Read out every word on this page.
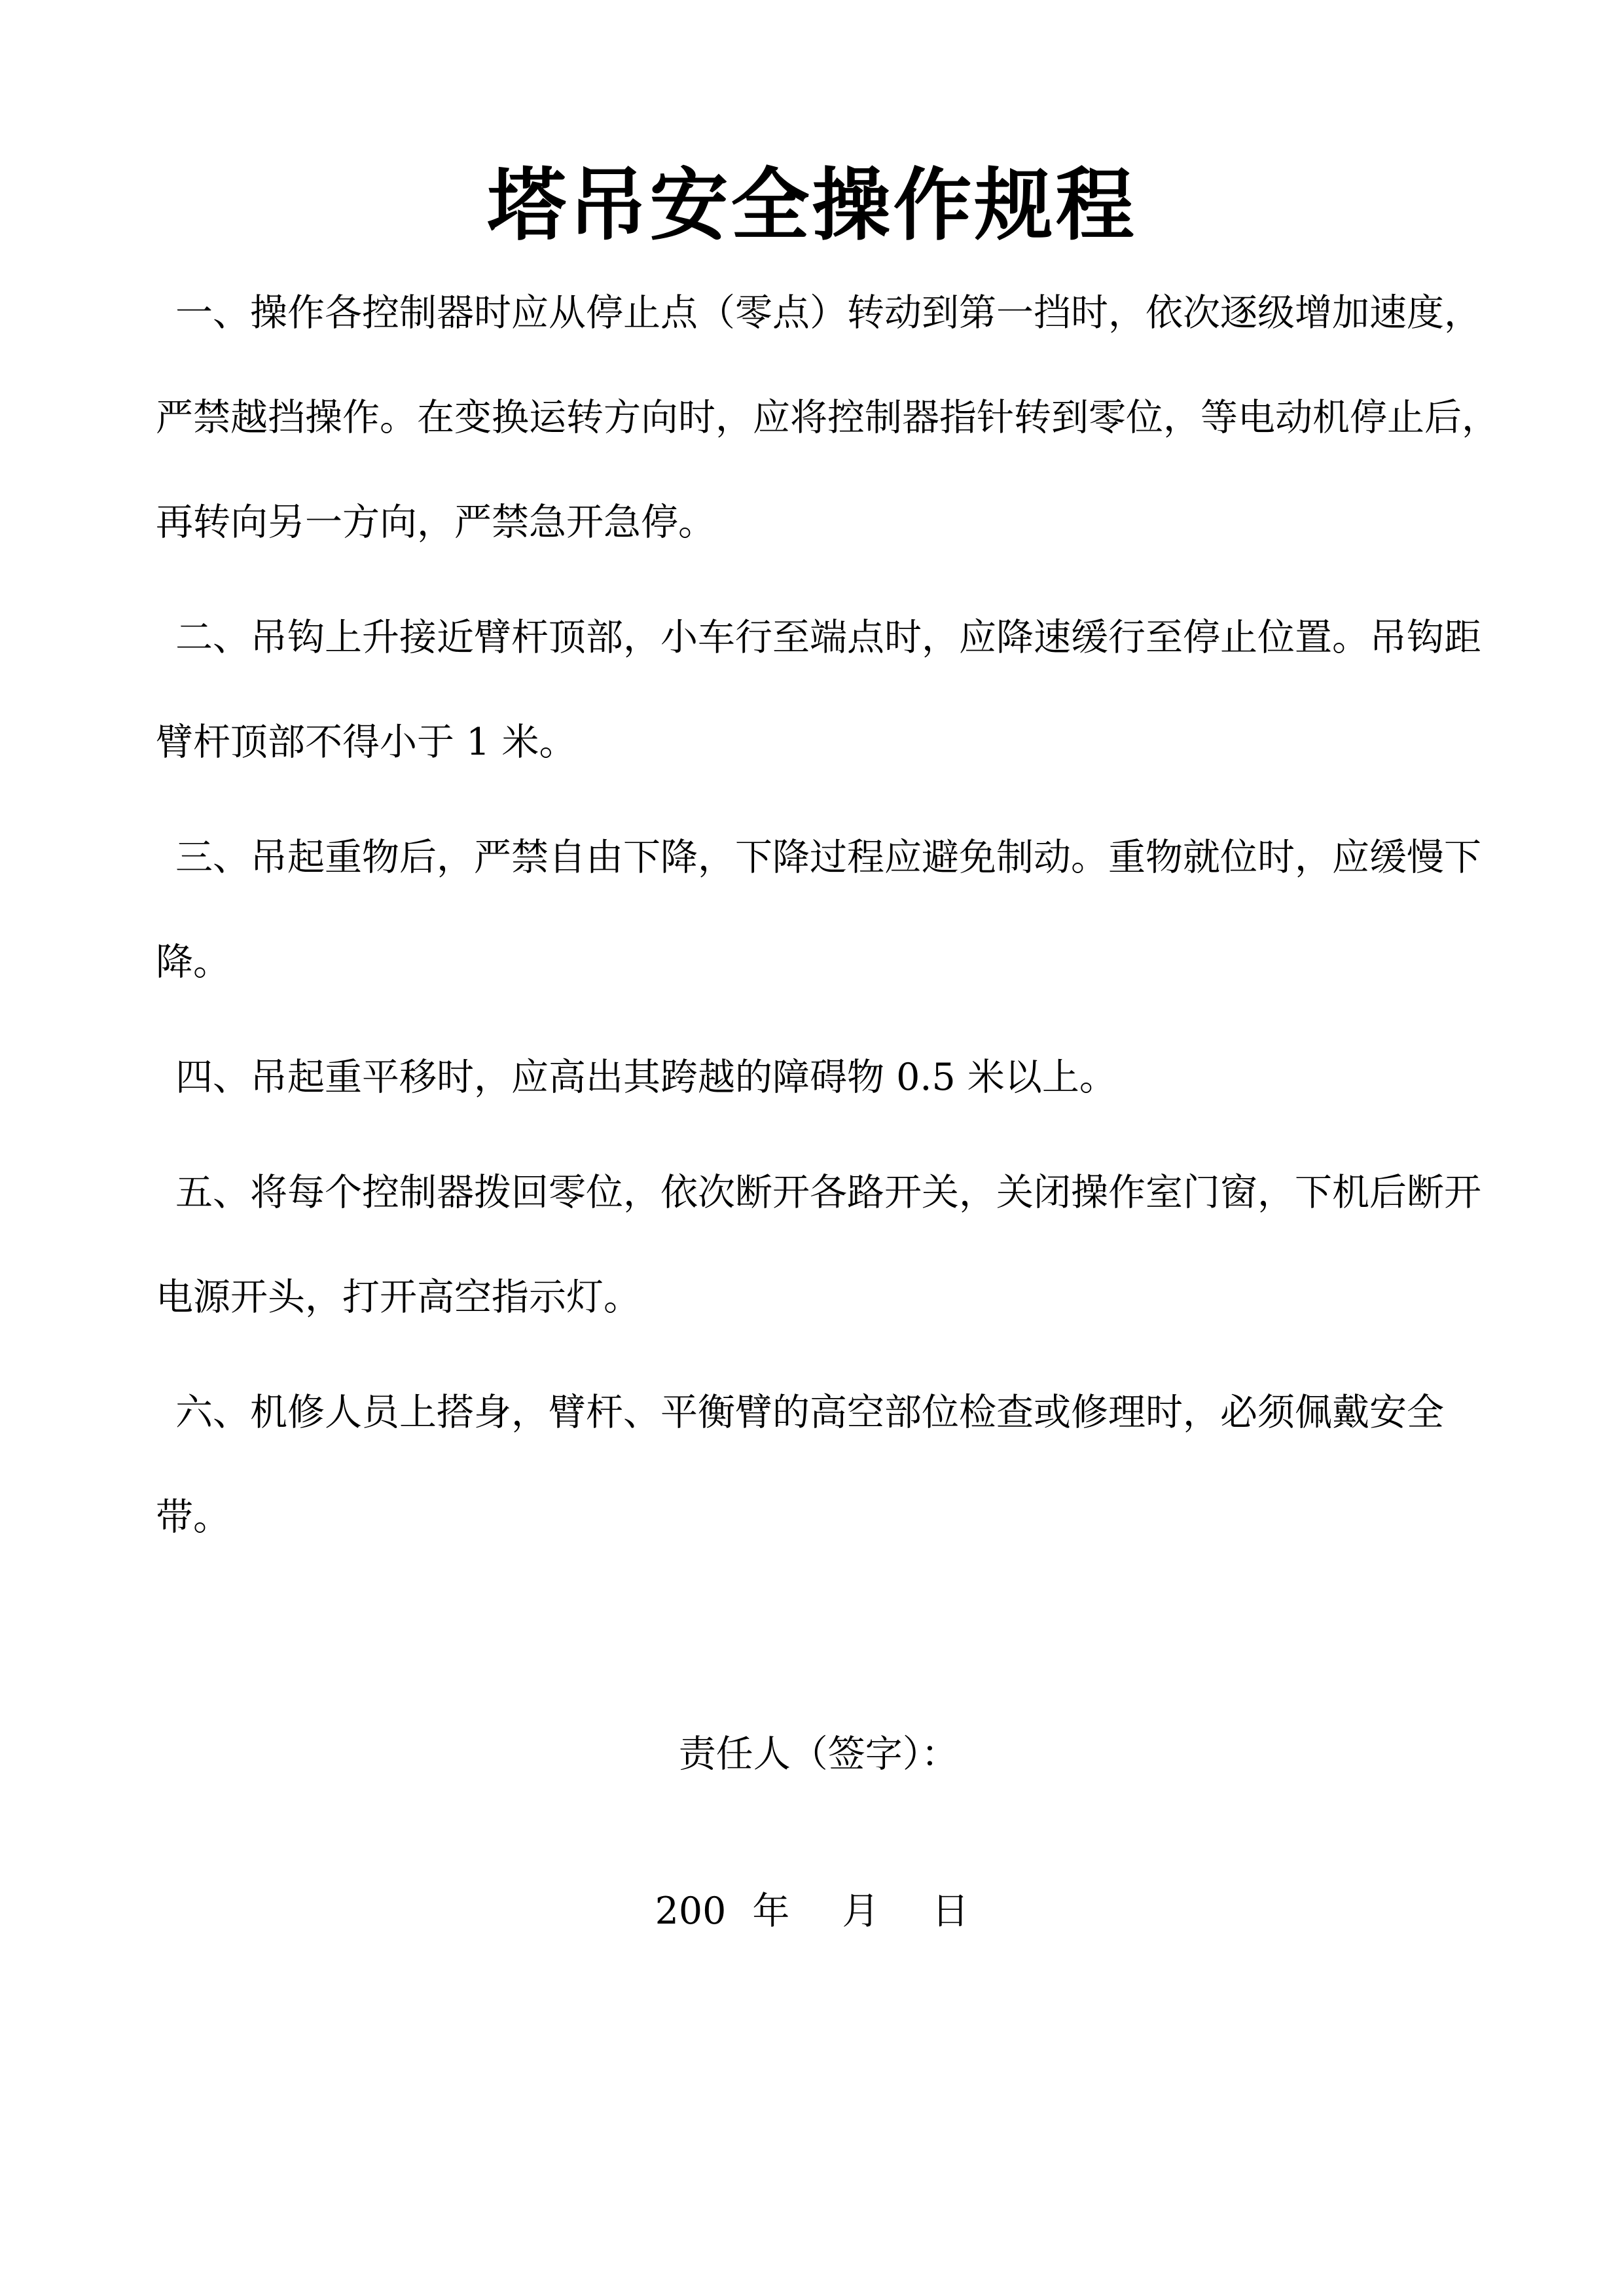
塔吊安全操作规程

一、操作各控制器时应从停止点（零点）转动到第一挡时，依次逐级增加速度，严禁越挡操作。在变换运转方向时，应将控制器指针转到零位，等电动机停止后，再转向另一方向，严禁急开急停。

二、吊钩上升接近臂杆顶部，小车行至端点时，应降速缓行至停止位置。吊钩距臂杆顶部不得小于 1 米。

三、吊起重物后，严禁自由下降，下降过程应避免制动。重物就位时，应缓慢下降。

四、吊起重平移时，应高出其跨越的障碍物 0.5 米以上。

五、将每个控制器拨回零位，依次断开各路开关，关闭操作室门窗，下机后断开电源开头，打开高空指示灯。

六、机修人员上搭身，臂杆、平衡臂的高空部位检查或修理时，必须佩戴安全带。

责任人（签字）：
200 年 月 日
